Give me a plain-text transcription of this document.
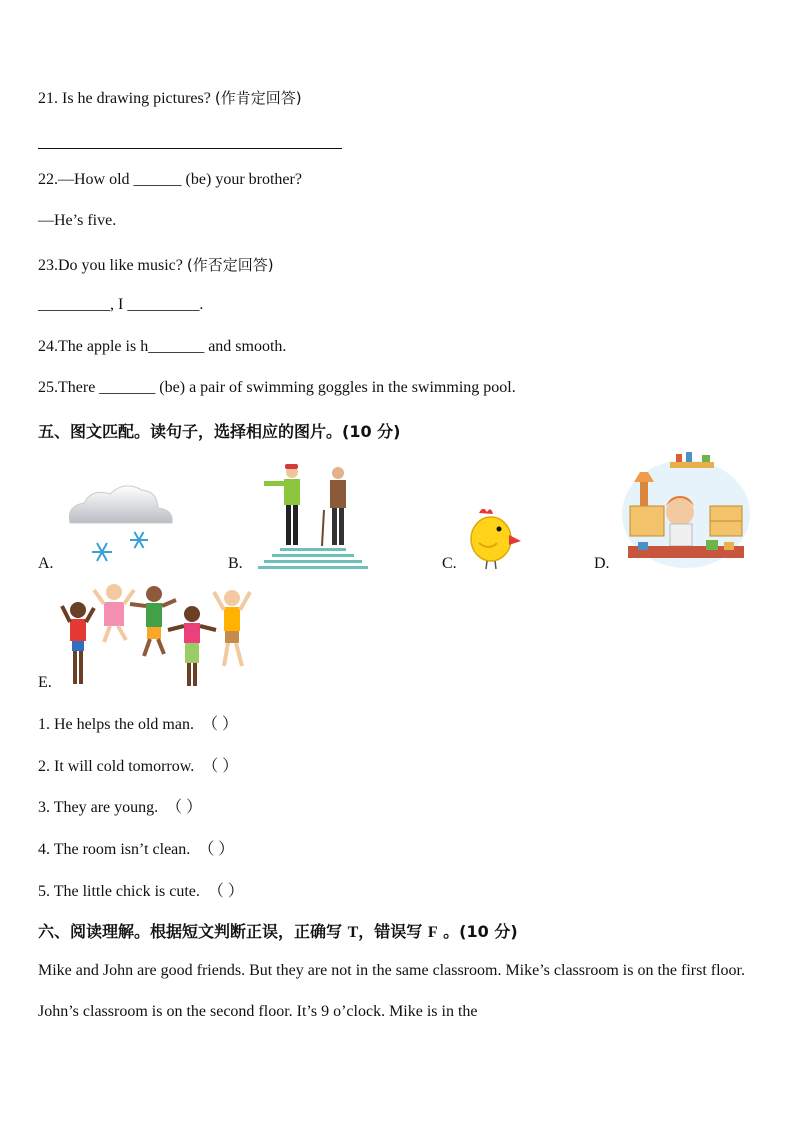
21. Is he drawing pictures? (作肯定回答)
22.—How old ______ (be) your brother?
—He’s five.
23.Do you like music? (作否定回答)
_________, I _________.
24.The apple is h_______ and smooth.
25.There _______ (be) a pair of swimming goggles in the swimming pool.
五、图文匹配。读句子，选择相应的图片。(10 分)
A.	B.	C.	D.
E.
1. He helps the old man. （ ）
2. It will cold tomorrow. （ ）
3. They are young. （ ）
4. The room isn’t clean. （ ）
5. The little chick is cute. （ ）
六、阅读理解。根据短文判断正误，正确写 T，错误写 F 。(10 分)
Mike and John are good friends. But they are not in the same classroom. Mike’s classroom is on the first floor. John’s classroom is on the second floor. It’s 9 o’clock. Mike is in the
